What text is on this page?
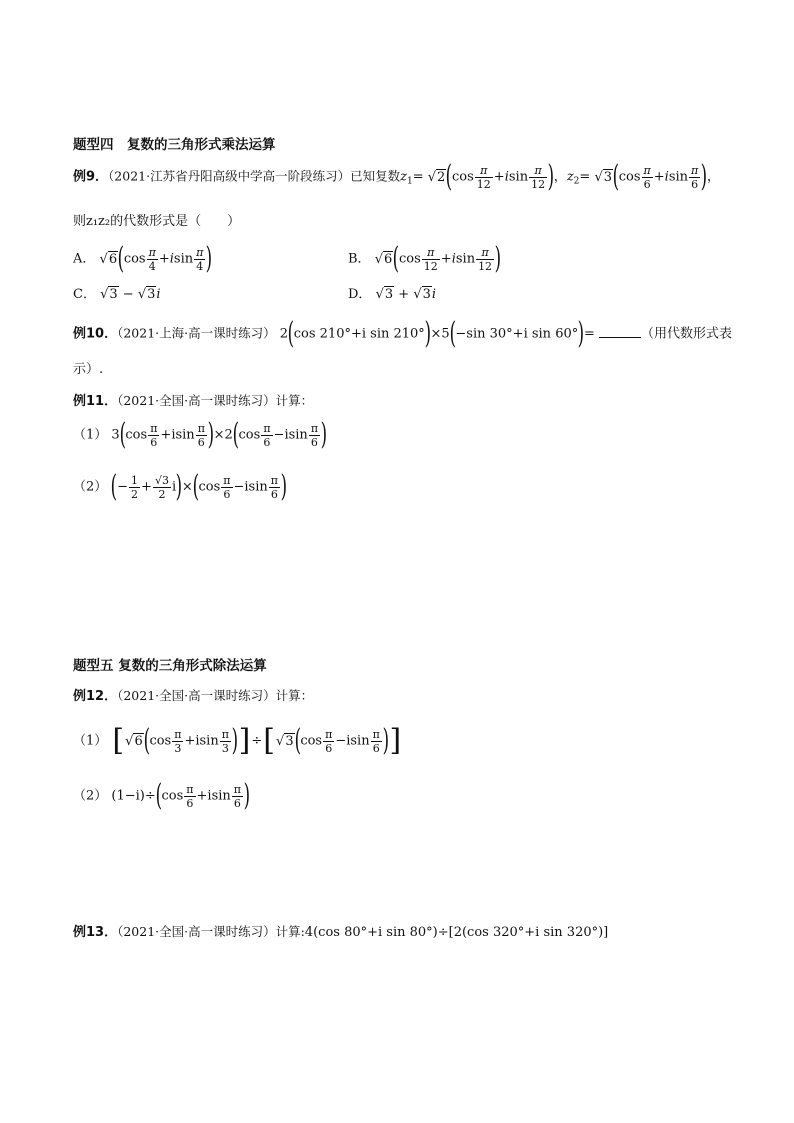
题型四　复数的三角形式乘法运算
例9．（2021·江苏省丹阳高级中学高一阶段练习）已知复数$z_1= √2(\cos \frac{\pi}{12} +isin \frac{\pi}{12}$ )，$z_2= √3(\cos \frac{\pi}{6} +isin \frac{\pi}{6}$ )，
则z₁z₂的代数形式是（　　）
A． $√6(\cos \frac{\pi}{4} +isin \frac{\pi}{4}$ )	B． $√6(\cos \frac{\pi}{12} +isin \frac{\pi}{12}$ )
C． √3 − √3i	D． √3 + √3i
例10．（2021·上海·高一课时练习） 2(cos 210°+i sin 210°)×5(−sin 30°+i sin 60°)=	（用代数形式表
示）.
例11．（2021·全国·高一课时练习）计算：
（1） $3(\cos \frac{\pi}{6} +isin \frac{\pi}{6} )\times 2(\cos \frac{\pi}{6} -isin \frac{\pi}{6}$ )
（2） (− $\frac{1}{2} + \frac{√3}{2} i)\times(\cos \frac{\pi}{6} -isin \frac{\pi}{6}$ )
题型五 复数的三角形式除法运算
例12．（2021·全国·高一课时练习）计算：
（1） $[√6(\cos \frac{\pi}{3} +isin \frac{\pi}{3} )]\div[√3(\cos \frac{\pi}{6} -isin \frac{\pi}{6}$ )]
（2） $(1-i)\div(\cos \frac{\pi}{6} +isin \frac{\pi}{6}$ )
例13．（2021·全国·高一课时练习）计算:4(cos 80°+i sin 80°)÷[2(cos 320°+i sin 320°)]
